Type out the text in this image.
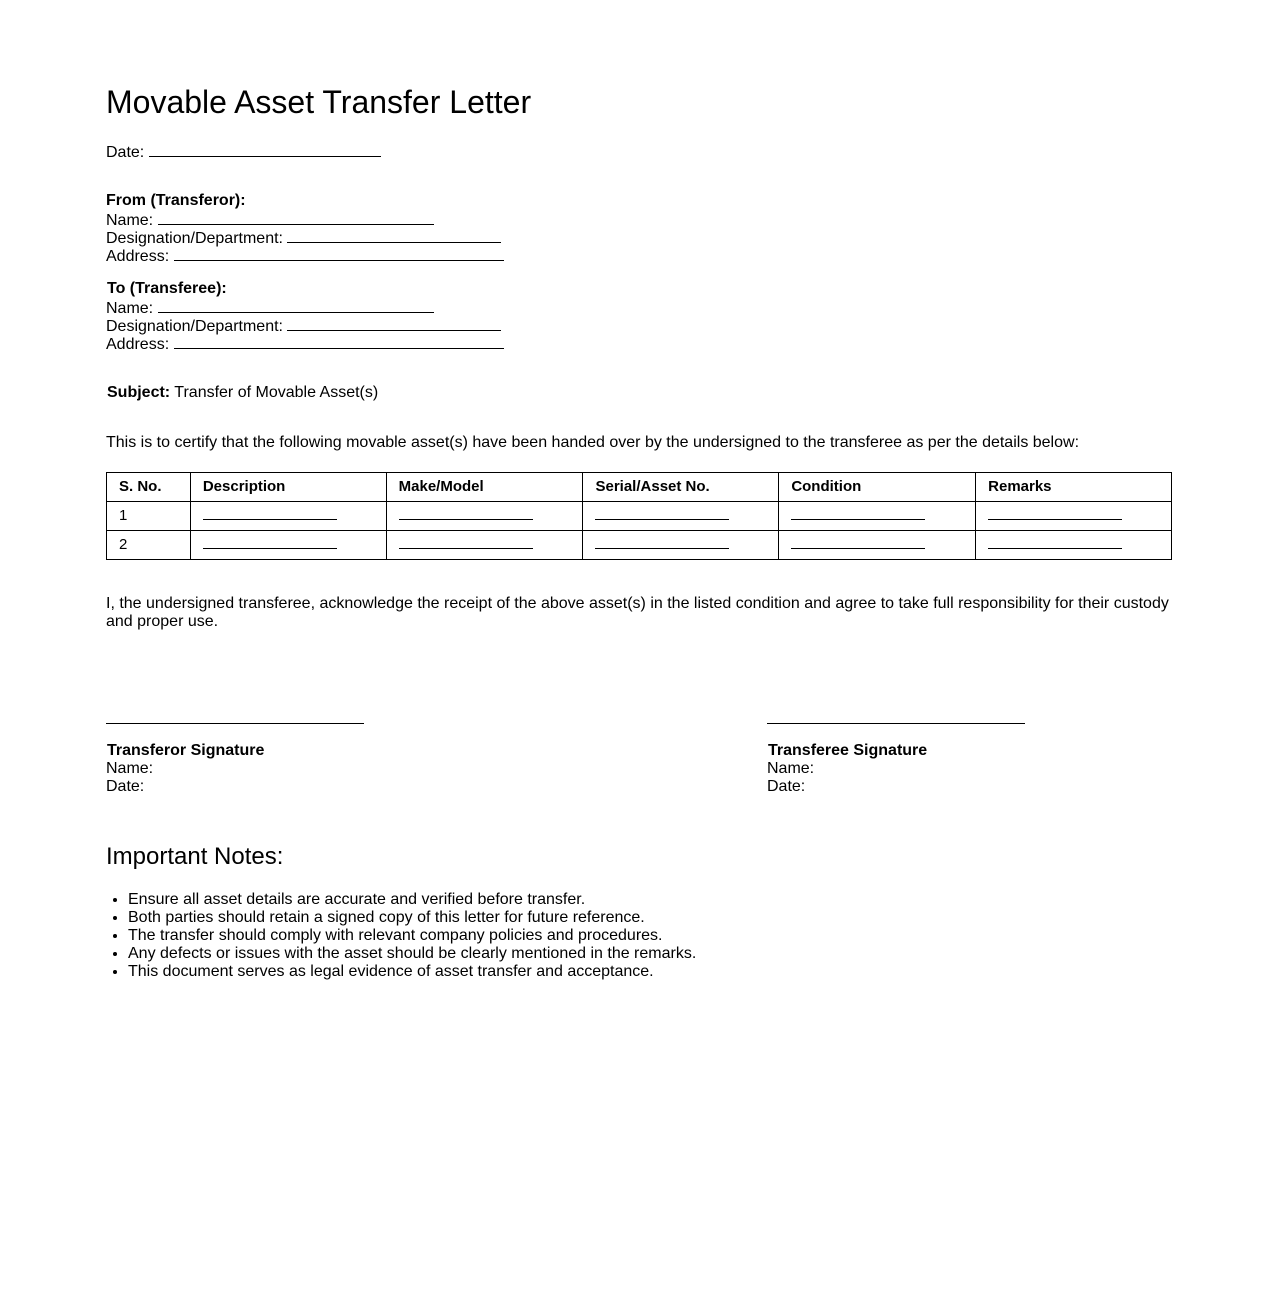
Movable Asset Transfer Letter
Date:
From (Transferor):
Name:
Designation/Department:
Address:
To (Transferee):
Name:
Designation/Department:
Address:
Subject: Transfer of Movable Asset(s)
This is to certify that the following movable asset(s) have been handed over by the undersigned to the transferee as per the details below:
S. No.	Description	Make/Model	Serial/Asset No.	Condition	Remarks
1					
2					
I, the undersigned transferee, acknowledge the receipt of the above asset(s) in the listed condition and agree to take full responsibility for their custody and proper use.
Transferor Signature
Name:
Date:
Transferee Signature
Name:
Date:
Important Notes:
• Ensure all asset details are accurate and verified before transfer.
• Both parties should retain a signed copy of this letter for future reference.
• The transfer should comply with relevant company policies and procedures.
• Any defects or issues with the asset should be clearly mentioned in the remarks.
• This document serves as legal evidence of asset transfer and acceptance.
